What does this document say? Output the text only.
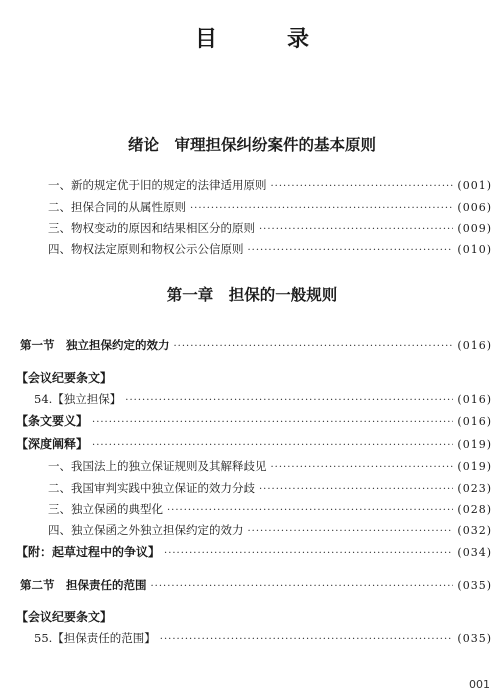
目　录
绪论　审理担保纠纷案件的基本原则
一、新的规定优于旧的规定的法律适用原则 ·····	(001)
二、担保合同的从属性原则 ·····	(006)
三、物权变动的原因和结果相区分的原则 ·····	(009)
四、物权法定原则和物权公示公信原则 ·····	(010)
第一章　担保的一般规则
第一节　独立担保约定的效力 ·····	(016)
【会议纪要条文】
54.【独立担保】 ·····	(016)
【条文要义】 ·····	(016)
【深度阐释】 ·····	(019)
一、我国法上的独立保证规则及其解释歧见 ·····	(019)
二、我国审判实践中独立保证的效力分歧 ·····	(023)
三、独立保函的典型化 ·····	(028)
四、独立保函之外独立担保约定的效力 ·····	(032)
【附：起草过程中的争议】 ·····	(034)
第二节　担保责任的范围 ·····	(035)
【会议纪要条文】
55.【担保责任的范围】 ·····	(035)
001
